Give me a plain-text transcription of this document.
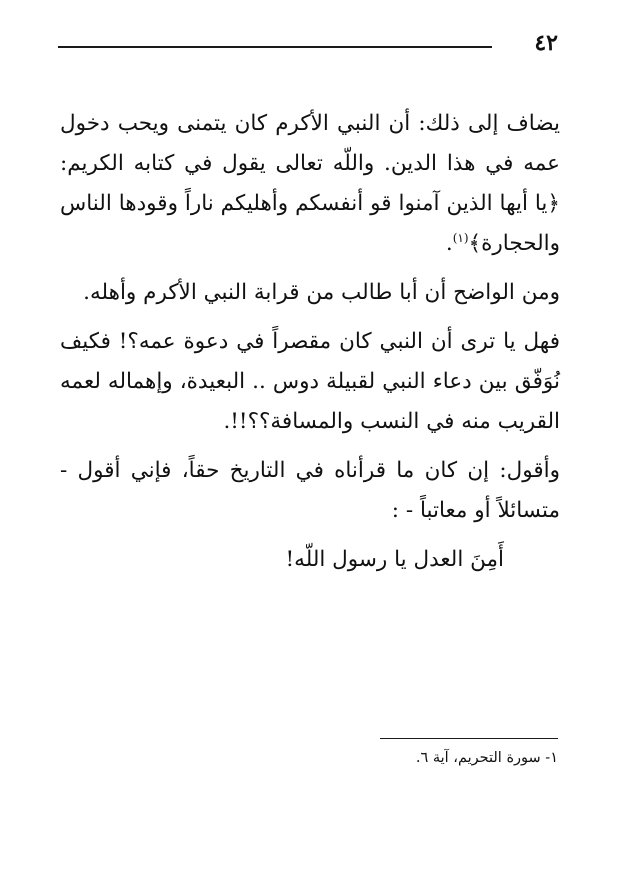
٤٢

يضاف إلى ذلك: أن النبي الأكرم كان يتمنى ويحب دخول عمه في هذا الدين. واللّه تعالى يقول في كتابه الكريم: ﴿يا أيها الذين آمنوا قو أنفسكم وأهليكم ناراً وقودها الناس والحجارة﴾$^{(١)}$.

ومن الواضح أن أبا طالب من قرابة النبي الأكرم وأهله.

فهل يا ترى أن النبي كان مقصراً في دعوة عمه؟! فكيف نُوَفّق بين دعاء النبي لقبيلة دوس .. البعيدة، وإهماله لعمه القريب منه في النسب والمسافة؟؟!!.

وأقول: إن كان ما قرأناه في التاريخ حقاً، فإني أقول - متسائلاً أو معاتباً - :

أَمِنَ العدل يا رسول اللّه!

١- سورة التحريم، آية ٦.
